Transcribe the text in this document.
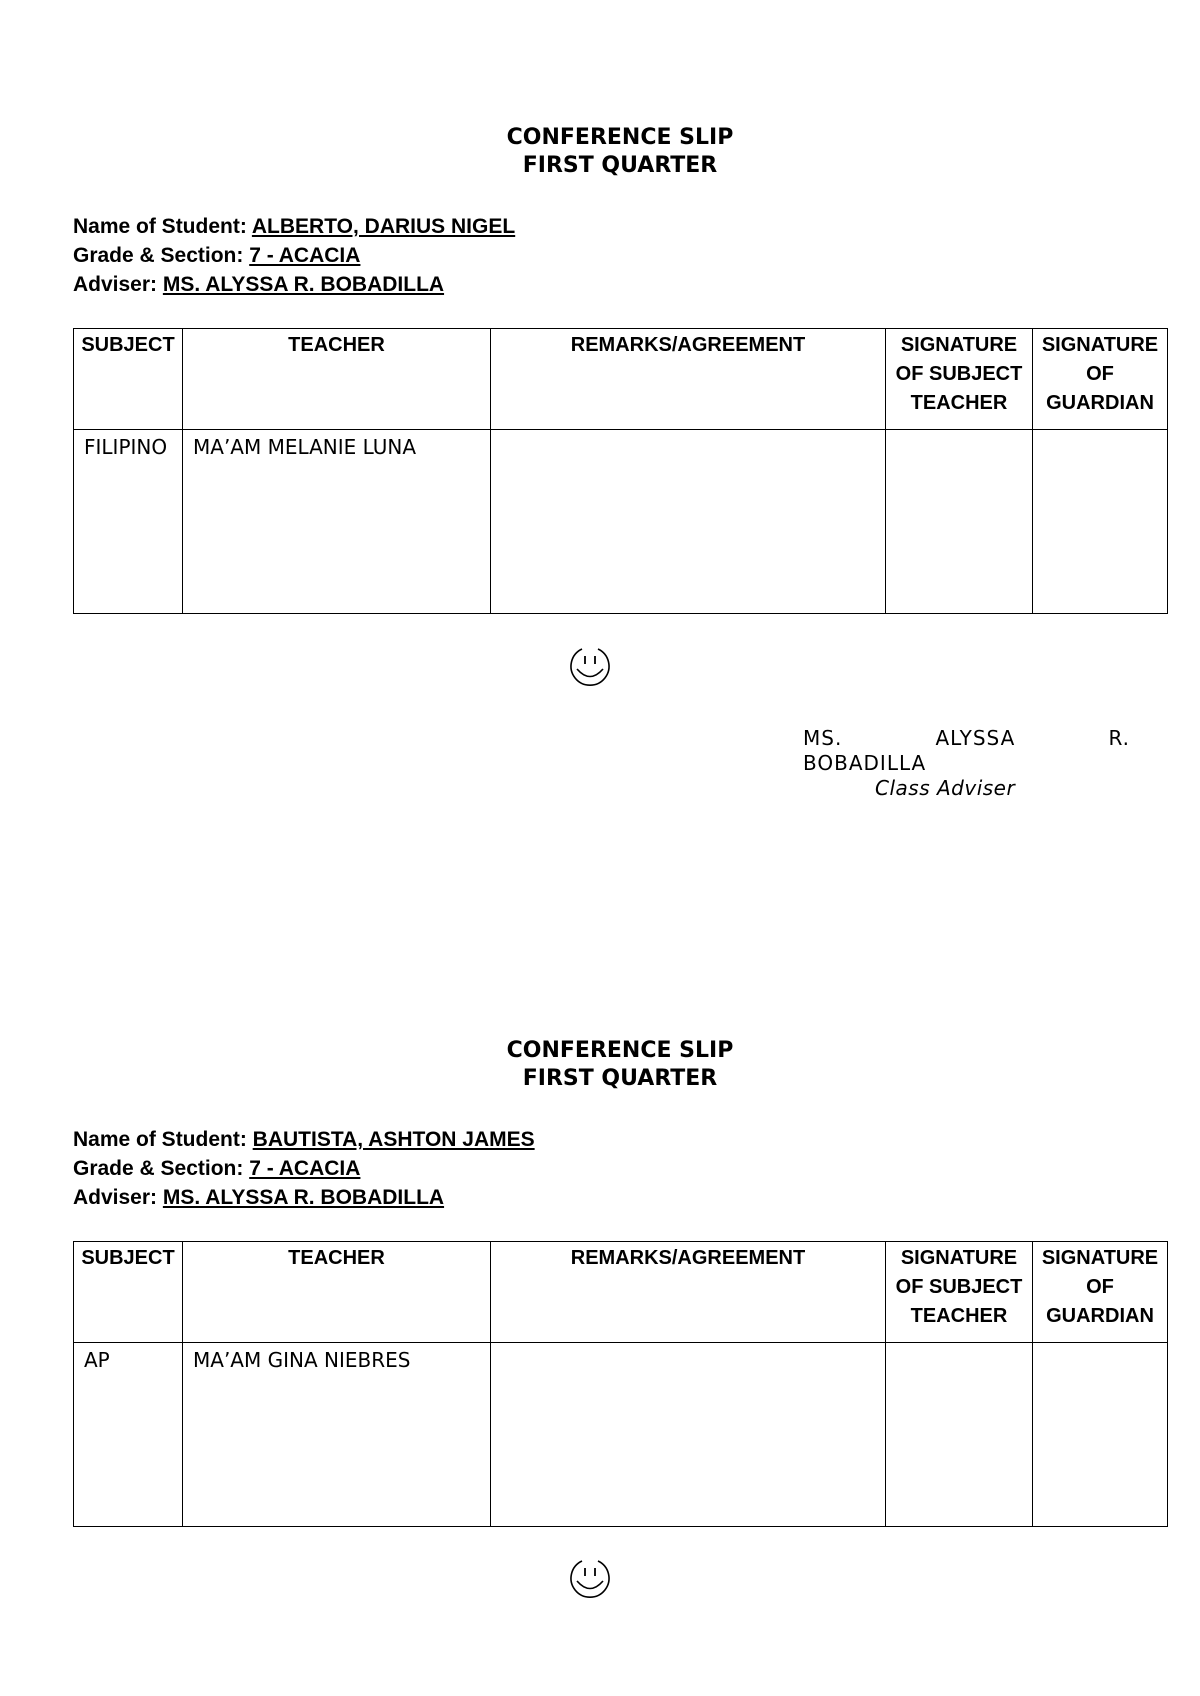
CONFERENCE SLIP

FIRST QUARTER

Name of Student: ALBERTO, DARIUS NIGEL
Grade & Section: 7 - ACACIA
Adviser: MS. ALYSSA R. BOBADILLA
SUBJECT	TEACHER	REMARKS/AGREEMENT	SIGNATURE OF SUBJECT TEACHER	SIGNATURE OF GUARDIAN
FILIPINO	MA’AM MELANIE LUNA			
MS.	ALYSSA	R.
BOBADILLA
Class Adviser

CONFERENCE SLIP

FIRST QUARTER

Name of Student: BAUTISTA, ASHTON JAMES
Grade & Section: 7 - ACACIA
Adviser: MS. ALYSSA R. BOBADILLA
SUBJECT	TEACHER	REMARKS/AGREEMENT	SIGNATURE OF SUBJECT TEACHER	SIGNATURE OF GUARDIAN
AP	MA’AM GINA NIEBRES			
